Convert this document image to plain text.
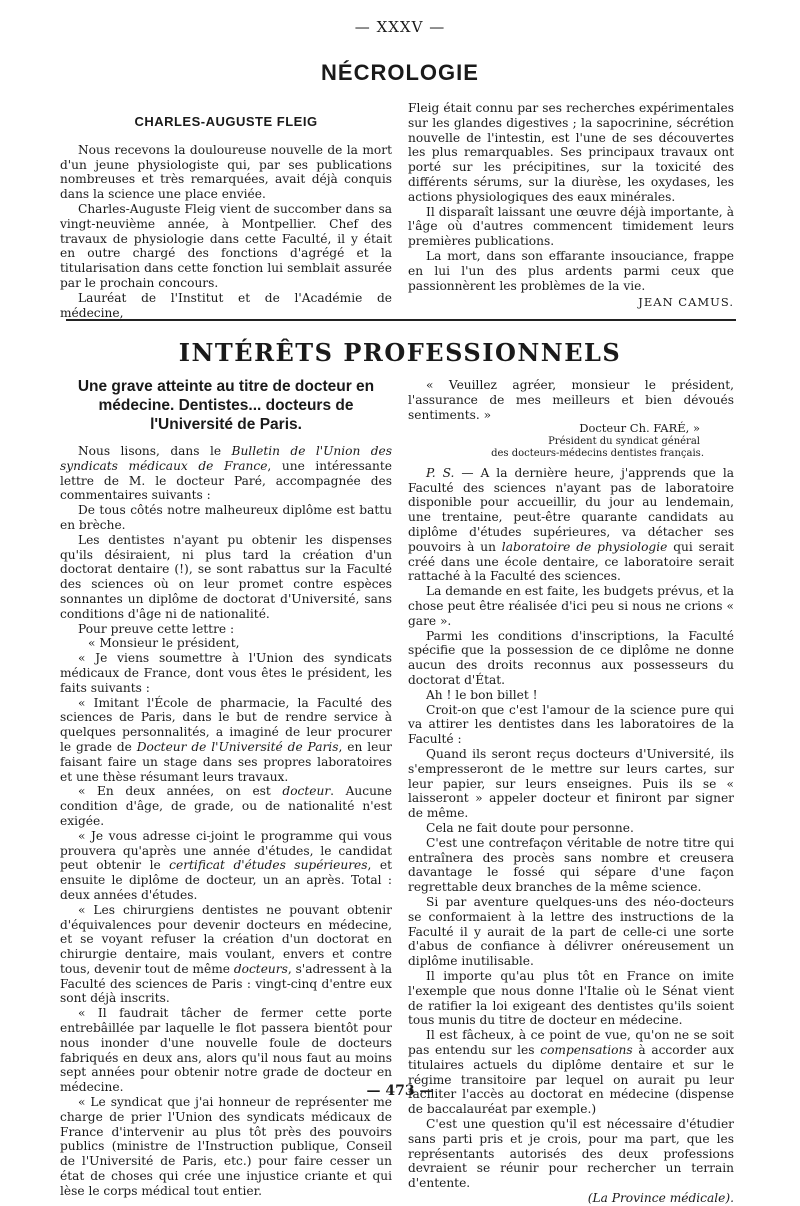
— XXXV —
NÉCROLOGIE

CHARLES-AUGUSTE FLEIG

Nous recevons la douloureuse nouvelle de la mort d'un jeune physiologiste qui, par ses publications nombreuses et très remarquées, avait déjà conquis dans la science une place enviée.

Charles-Auguste Fleig vient de succomber dans sa vingt-neuvième année, à Montpellier. Chef des travaux de physiologie dans cette Faculté, il y était en outre chargé des fonctions d'agrégé et la titularisation dans cette fonction lui semblait assurée par le prochain concours.

Lauréat de l'Institut et de l'Académie de médecine,

Fleig était connu par ses recherches expérimentales sur les glandes digestives ; la sapocrinine, sécrétion nouvelle de l'intestin, est l'une de ses découvertes les plus remarquables. Ses principaux travaux ont porté sur les précipitines, sur la toxicité des différents sérums, sur la diurèse, les oxydases, les actions physiologiques des eaux minérales.

Il disparaît laissant une œuvre déjà importante, à l'âge où d'autres commencent timidement leurs premières publications.

La mort, dans son effarante insouciance, frappe en lui l'un des plus ardents parmi ceux que passionnèrent les problèmes de la vie.

JEAN CAMUS.
INTÉRÊTS PROFESSIONNELS
Une grave atteinte au titre de docteur en médecine. Dentistes... docteurs de l'Université de Paris.

Nous lisons, dans le Bulletin de l'Union des syndicats médicaux de France, une intéressante lettre de M. le docteur Paré, accompagnée des commentaires suivants :

De tous côtés notre malheureux diplôme est battu en brèche.

Les dentistes n'ayant pu obtenir les dispenses qu'ils désiraient, ni plus tard la création d'un doctorat dentaire (!), se sont rabattus sur la Faculté des sciences où on leur promet contre espèces sonnantes un diplôme de doctorat d'Université, sans conditions d'âge ni de nationalité.

Pour preuve cette lettre :

« Monsieur le président,

« Je viens soumettre à l'Union des syndicats médicaux de France, dont vous êtes le président, les faits suivants :

« Imitant l'École de pharmacie, la Faculté des sciences de Paris, dans le but de rendre service à quelques personnalités, a imaginé de leur procurer le grade de Docteur de l'Université de Paris, en leur faisant faire un stage dans ses propres laboratoires et une thèse résumant leurs travaux.

« En deux années, on est docteur. Aucune condition d'âge, de grade, ou de nationalité n'est exigée.

« Je vous adresse ci-joint le programme qui vous prouvera qu'après une année d'études, le candidat peut obtenir le certificat d'études supérieures, et ensuite le diplôme de docteur, un an après. Total : deux années d'études.

« Les chirurgiens dentistes ne pouvant obtenir d'équivalences pour devenir docteurs en médecine, et se voyant refuser la création d'un doctorat en chirurgie dentaire, mais voulant, envers et contre tous, devenir tout de même docteurs, s'adressent à la Faculté des sciences de Paris : vingt-cinq d'entre eux sont déjà inscrits.

« Il faudrait tâcher de fermer cette porte entrebâillée par laquelle le flot passera bientôt pour nous inonder d'une nouvelle foule de docteurs fabriqués en deux ans, alors qu'il nous faut au moins sept années pour obtenir notre grade de docteur en médecine.

« Le syndicat que j'ai honneur de représenter me charge de prier l'Union des syndicats médicaux de France d'intervenir au plus tôt près des pouvoirs publics (ministre de l'Instruction publique, Conseil de l'Université de Paris, etc.) pour faire cesser un état de choses qui crée une injustice criante et qui lèse le corps médical tout entier.

« Veuillez agréer, monsieur le président, l'assurance de mes meilleurs et bien dévoués sentiments. »

Docteur Ch. FARÉ, »
Président du syndicat général
des docteurs-médecins dentistes français.

P. S. — A la dernière heure, j'apprends que la Faculté des sciences n'ayant pas de laboratoire disponible pour accueillir, du jour au lendemain, une trentaine, peut-être quarante candidats au diplôme d'études supérieures, va détacher ses pouvoirs à un laboratoire de physiologie qui serait créé dans une école dentaire, ce laboratoire serait rattaché à la Faculté des sciences.

La demande en est faite, les budgets prévus, et la chose peut être réalisée d'ici peu si nous ne crions « gare ».

Parmi les conditions d'inscriptions, la Faculté spécifie que la possession de ce diplôme ne donne aucun des droits reconnus aux possesseurs du doctorat d'État.

Ah ! le bon billet !

Croit-on que c'est l'amour de la science pure qui va attirer les dentistes dans les laboratoires de la Faculté :

Quand ils seront reçus docteurs d'Université, ils s'empresseront de le mettre sur leurs cartes, sur leur papier, sur leurs enseignes. Puis ils se « laisseront » appeler docteur et finiront par signer de même.

Cela ne fait doute pour personne.

C'est une contrefaçon véritable de notre titre qui entraînera des procès sans nombre et creusera davantage le fossé qui sépare d'une façon regrettable deux branches de la même science.

Si par aventure quelques-uns des néo-docteurs se conformaient à la lettre des instructions de la Faculté il y aurait de la part de celle-ci une sorte d'abus de confiance à délivrer onéreusement un diplôme inutilisable.

Il importe qu'au plus tôt en France on imite l'exemple que nous donne l'Italie où le Sénat vient de ratifier la loi exigeant des dentistes qu'ils soient tous munis du titre de docteur en médecine.

Il est fâcheux, à ce point de vue, qu'on ne se soit pas entendu sur les compensations à accorder aux titulaires actuels du diplôme dentaire et sur le régime transitoire par lequel on aurait pu leur faciliter l'accès au doctorat en médecine (dispense de baccalauréat par exemple.)

C'est une question qu'il est nécessaire d'étudier sans parti pris et je crois, pour ma part, que les représentants autorisés des deux professions devraient se réunir pour rechercher un terrain d'entente.

(La Province médicale).
— 473 —
